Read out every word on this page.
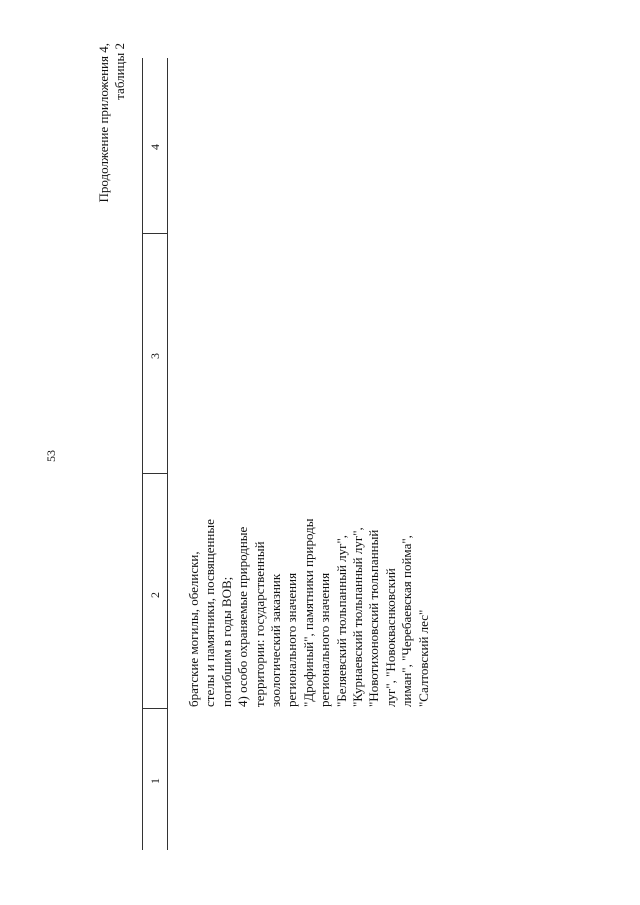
53
Продолжение приложения 4, таблицы 2
4
3
2
1
братские могилы, обелиски, стелы и памятники, посвященные погибшим в годы ВОВ; 4) особо охраняемые природные территории: государственный зоологический заказник регионального значения "Дрофиный", памятники природы регионального значения "Беляевский тюльпанный луг", "Курнаевский тюльпанный луг", "Новотихоновский тюльпанный луг", "Новокваснковский лиман", "Черебаевская пойма", "Салтовский лес"
